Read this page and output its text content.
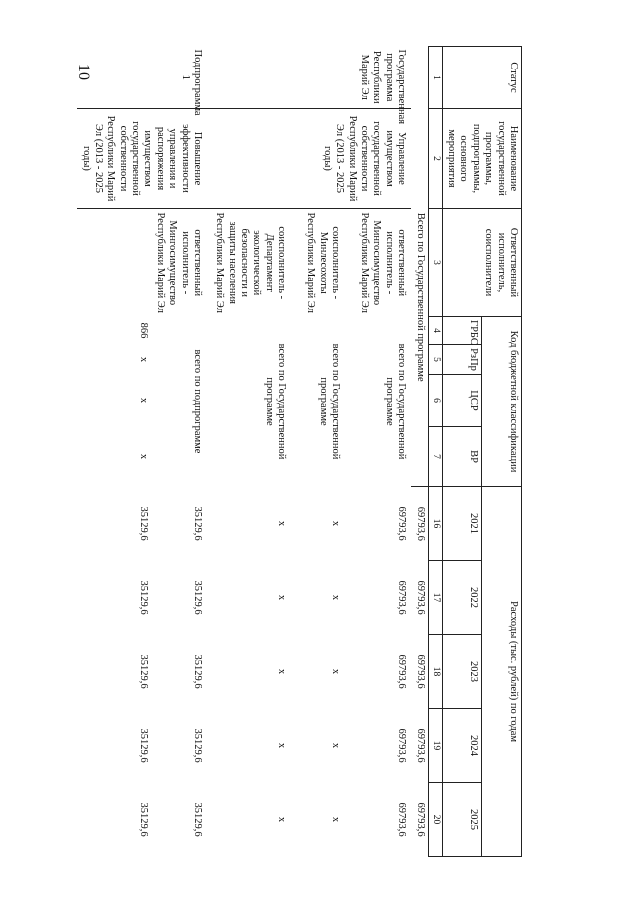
10	Статус	Наименование государственной программы, подпрограммы, основного мероприятия	Ответственный исполнитель, соисполнители	Код бюджетной классификации				Расходы (тыс. рублей) по годам				
			ГРБС	РзПр	ЦСР	ВР	2021	2022	2023	2024	2025
1	2	3	4	5	6	7	16	17	18	19	20
	Всего по Государственной программе						69793,6	69793,6	69793,6	69793,6	69793,6
Государственная программа Республики Марий Эл	Управление имуществом государственной собственности Республики Марий Эл (2013 - 2025 годы)	ответственный исполнитель - Мингосимущество Республики Марий Эл	всего по Государственной программе				69793,6	69793,6	69793,6	69793,6	69793,6
		соисполнитель - Минлесохоты Республики Марий Эл	всего по Государственной программе				x	x	x	x	x
		соисполнитель - Департамент экологической безопасности и защиты населения Республики Марий Эл	всего по Государственной программе				x	x	x	x	x
Подпрограмма 1	Повышение эффективности управления и распоряжения имуществом государственной собственности Республики Марий Эл (2013 - 2025 годы)	ответственный исполнитель - Мингосимущество Республики Марий Эл	всего по подпрограмме				35129,6	35129,6	35129,6	35129,6	35129,6
			866	x	x	x	35129,6	35129,6	35129,6	35129,6	35129,6
